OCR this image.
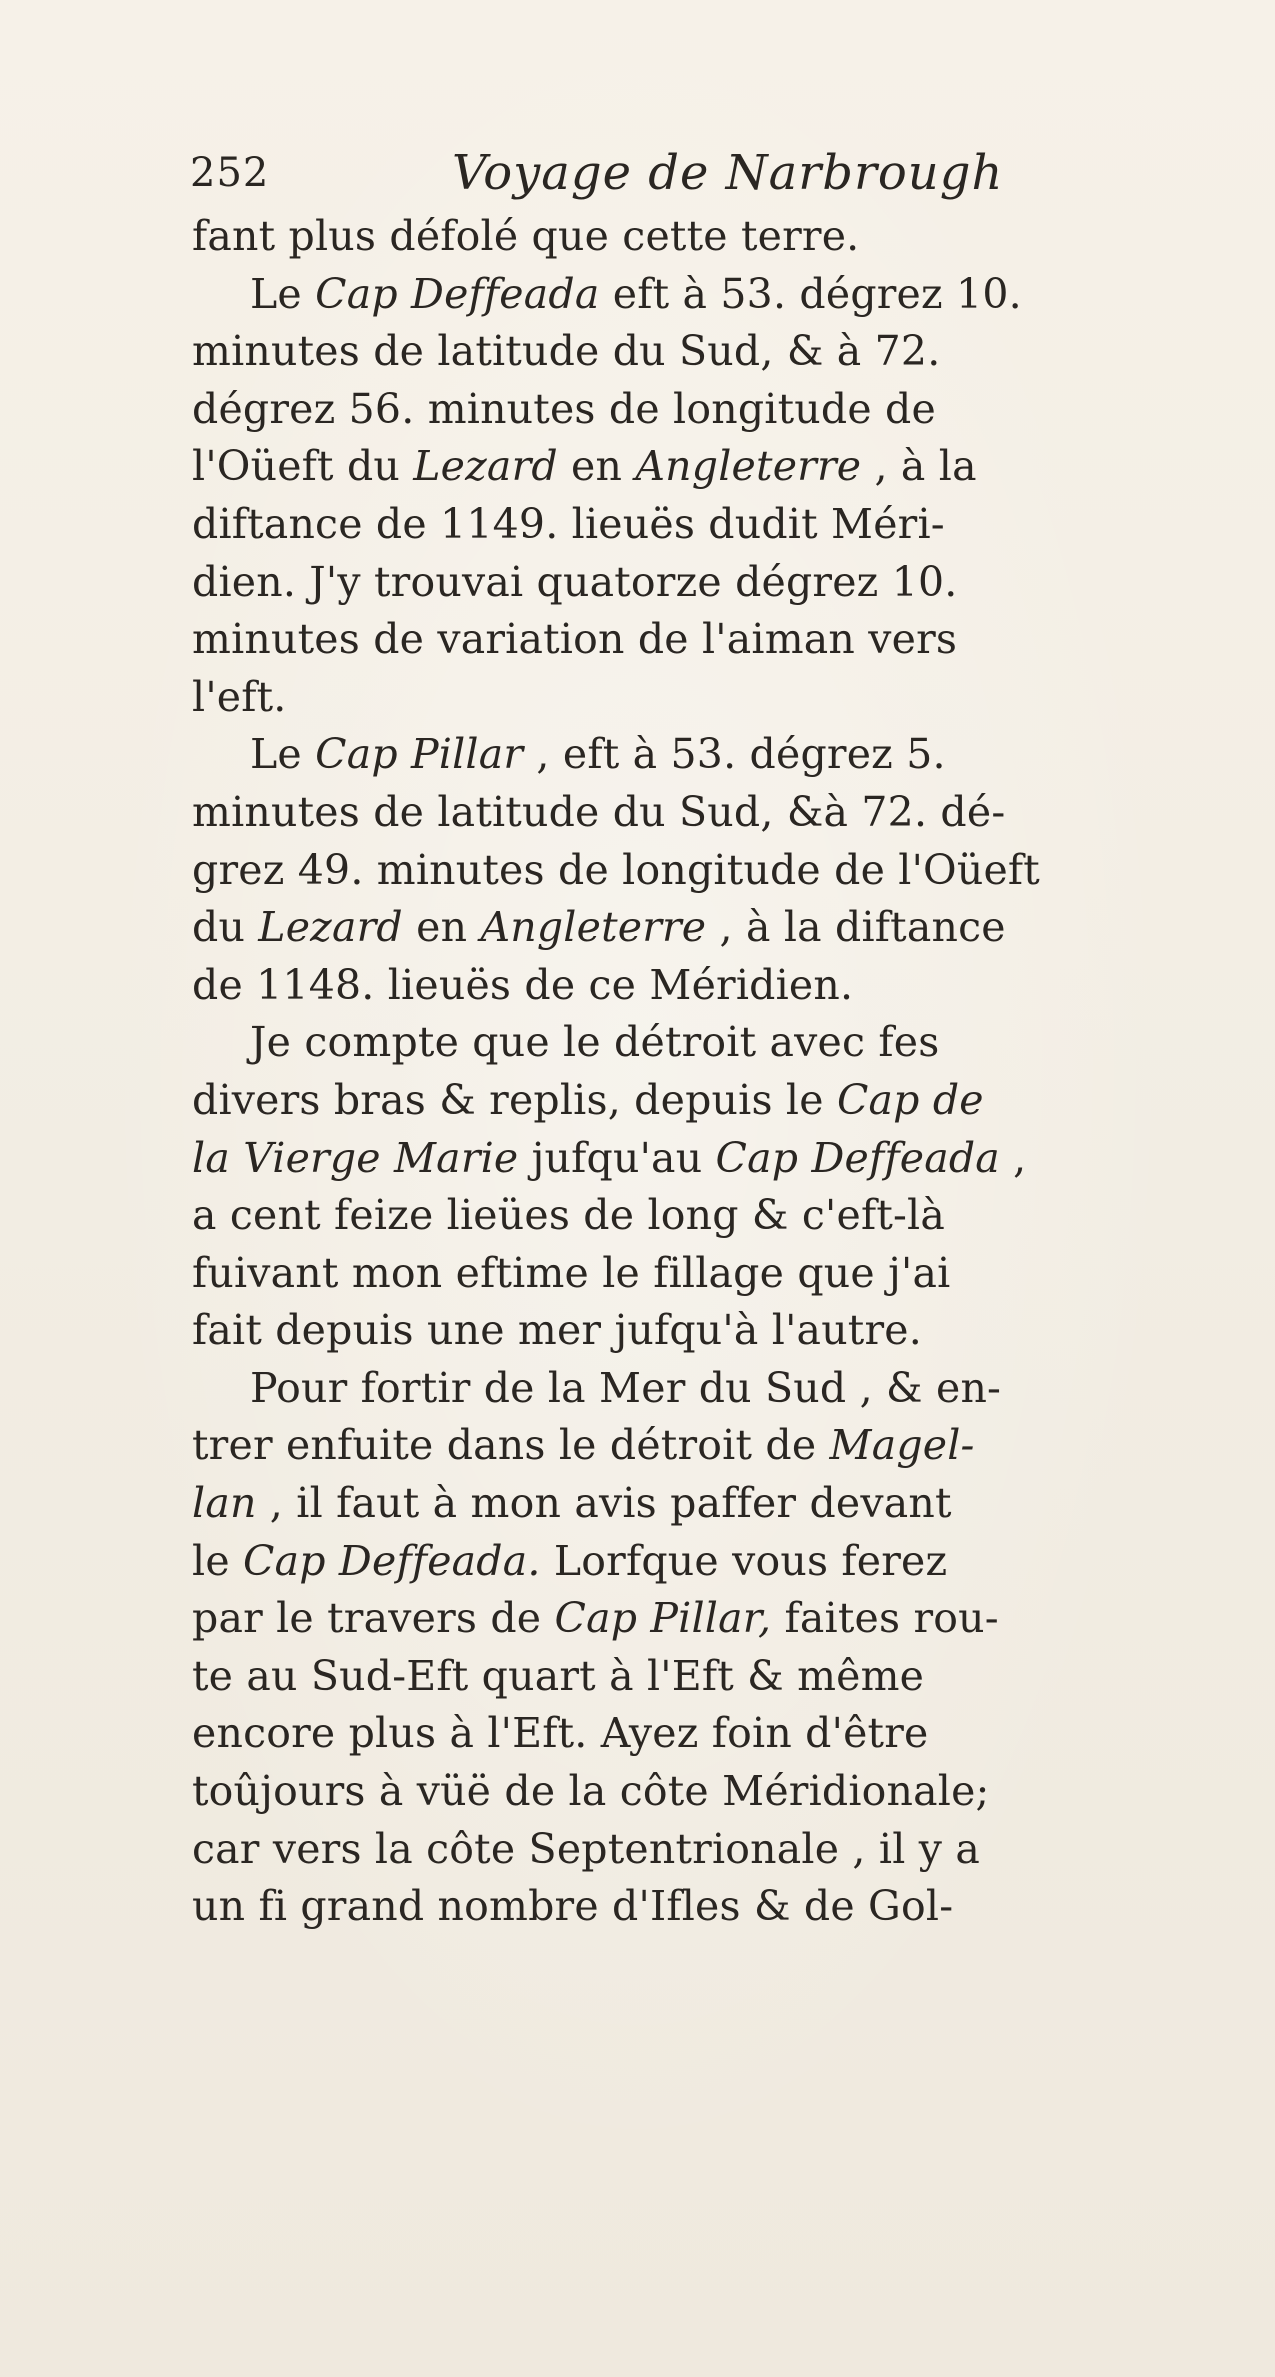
252	Voyage de Narbrough
fant plus défolé que cette terre.
Le Cap Deffeada eft à 53. dégrez 10.
minutes de latitude du Sud, & à 72.
dégrez 56. minutes de longitude de
l'Oüeft du Lezard en Angleterre , à la
diftance de 1149. lieuës dudit Méri-
dien. J'y trouvai quatorze dégrez 10.
minutes de variation de l'aiman vers
l'eft.
Le Cap Pillar , eft à 53. dégrez 5.
minutes de latitude du Sud, &à 72. dé-
grez 49. minutes de longitude de l'Oüeft
du Lezard en Angleterre , à la diftance
de 1148. lieuës de ce Méridien.
Je compte que le détroit avec fes
divers bras & replis, depuis le Cap de
la Vierge Marie jufqu'au Cap Deffeada ,
a cent feize lieües de long & c'eft-là
fuivant mon eftime le fillage que j'ai
fait depuis une mer jufqu'à l'autre.
Pour fortir de la Mer du Sud , & en-
trer enfuite dans le détroit de Magel-
lan , il faut à mon avis paffer devant
le Cap Deffeada. Lorfque vous ferez
par le travers de Cap Pillar, faites rou-
te au Sud-Eft quart à l'Eft & même
encore plus à l'Eft. Ayez foin d'être
toûjours à vüë de la côte Méridionale;
car vers la côte Septentrionale , il y a
un fi grand nombre d'Ifles & de Gol-
